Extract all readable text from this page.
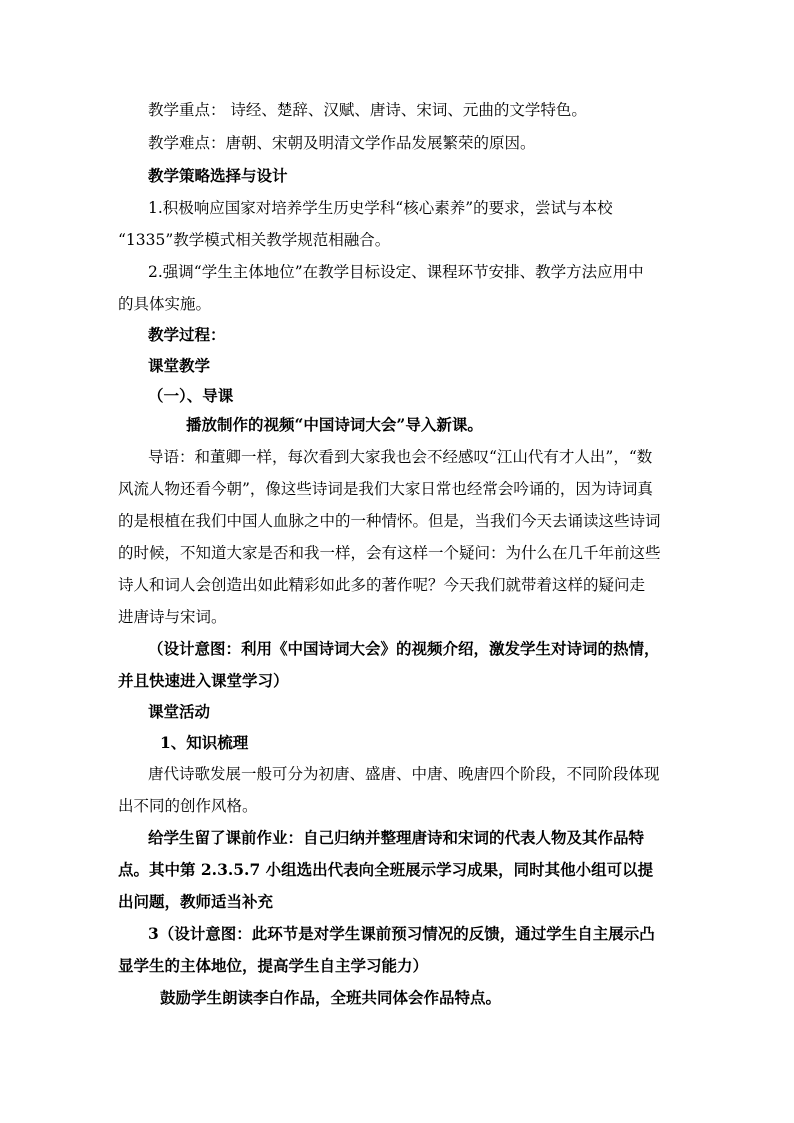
教学重点： 诗经、楚辞、汉赋、唐诗、宋词、元曲的文学特色。
教学难点：唐朝、宋朝及明清文学作品发展繁荣的原因。
教学策略选择与设计
1.积极响应国家对培养学生历史学科“核心素养”的要求，尝试与本校
“1335”教学模式相关教学规范相融合。
2.强调“学生主体地位”在教学目标设定、课程环节安排、教学方法应用中
的具体实施。
教学过程：
课堂教学
（一）、导课
播放制作的视频“中国诗词大会”导入新课。
导语：和董卿一样，每次看到大家我也会不经感叹“江山代有才人出”，“数
风流人物还看今朝”，像这些诗词是我们大家日常也经常会吟诵的，因为诗词真
的是根植在我们中国人血脉之中的一种情怀。但是，当我们今天去诵读这些诗词
的时候，不知道大家是否和我一样，会有这样一个疑问：为什么在几千年前这些
诗人和词人会创造出如此精彩如此多的著作呢？今天我们就带着这样的疑问走
进唐诗与宋词。
（设计意图：利用《中国诗词大会》的视频介绍，激发学生对诗词的热情，
并且快速进入课堂学习）
课堂活动
1、知识梳理
唐代诗歌发展一般可分为初唐、盛唐、中唐、晚唐四个阶段，不同阶段体现
出不同的创作风格。
给学生留了课前作业：自己归纳并整理唐诗和宋词的代表人物及其作品特
点。其中第 2.3.5.7 小组选出代表向全班展示学习成果，同时其他小组可以提
出问题，教师适当补充
3（设计意图：此环节是对学生课前预习情况的反馈，通过学生自主展示凸
显学生的主体地位，提高学生自主学习能力）
鼓励学生朗读李白作品，全班共同体会作品特点。
